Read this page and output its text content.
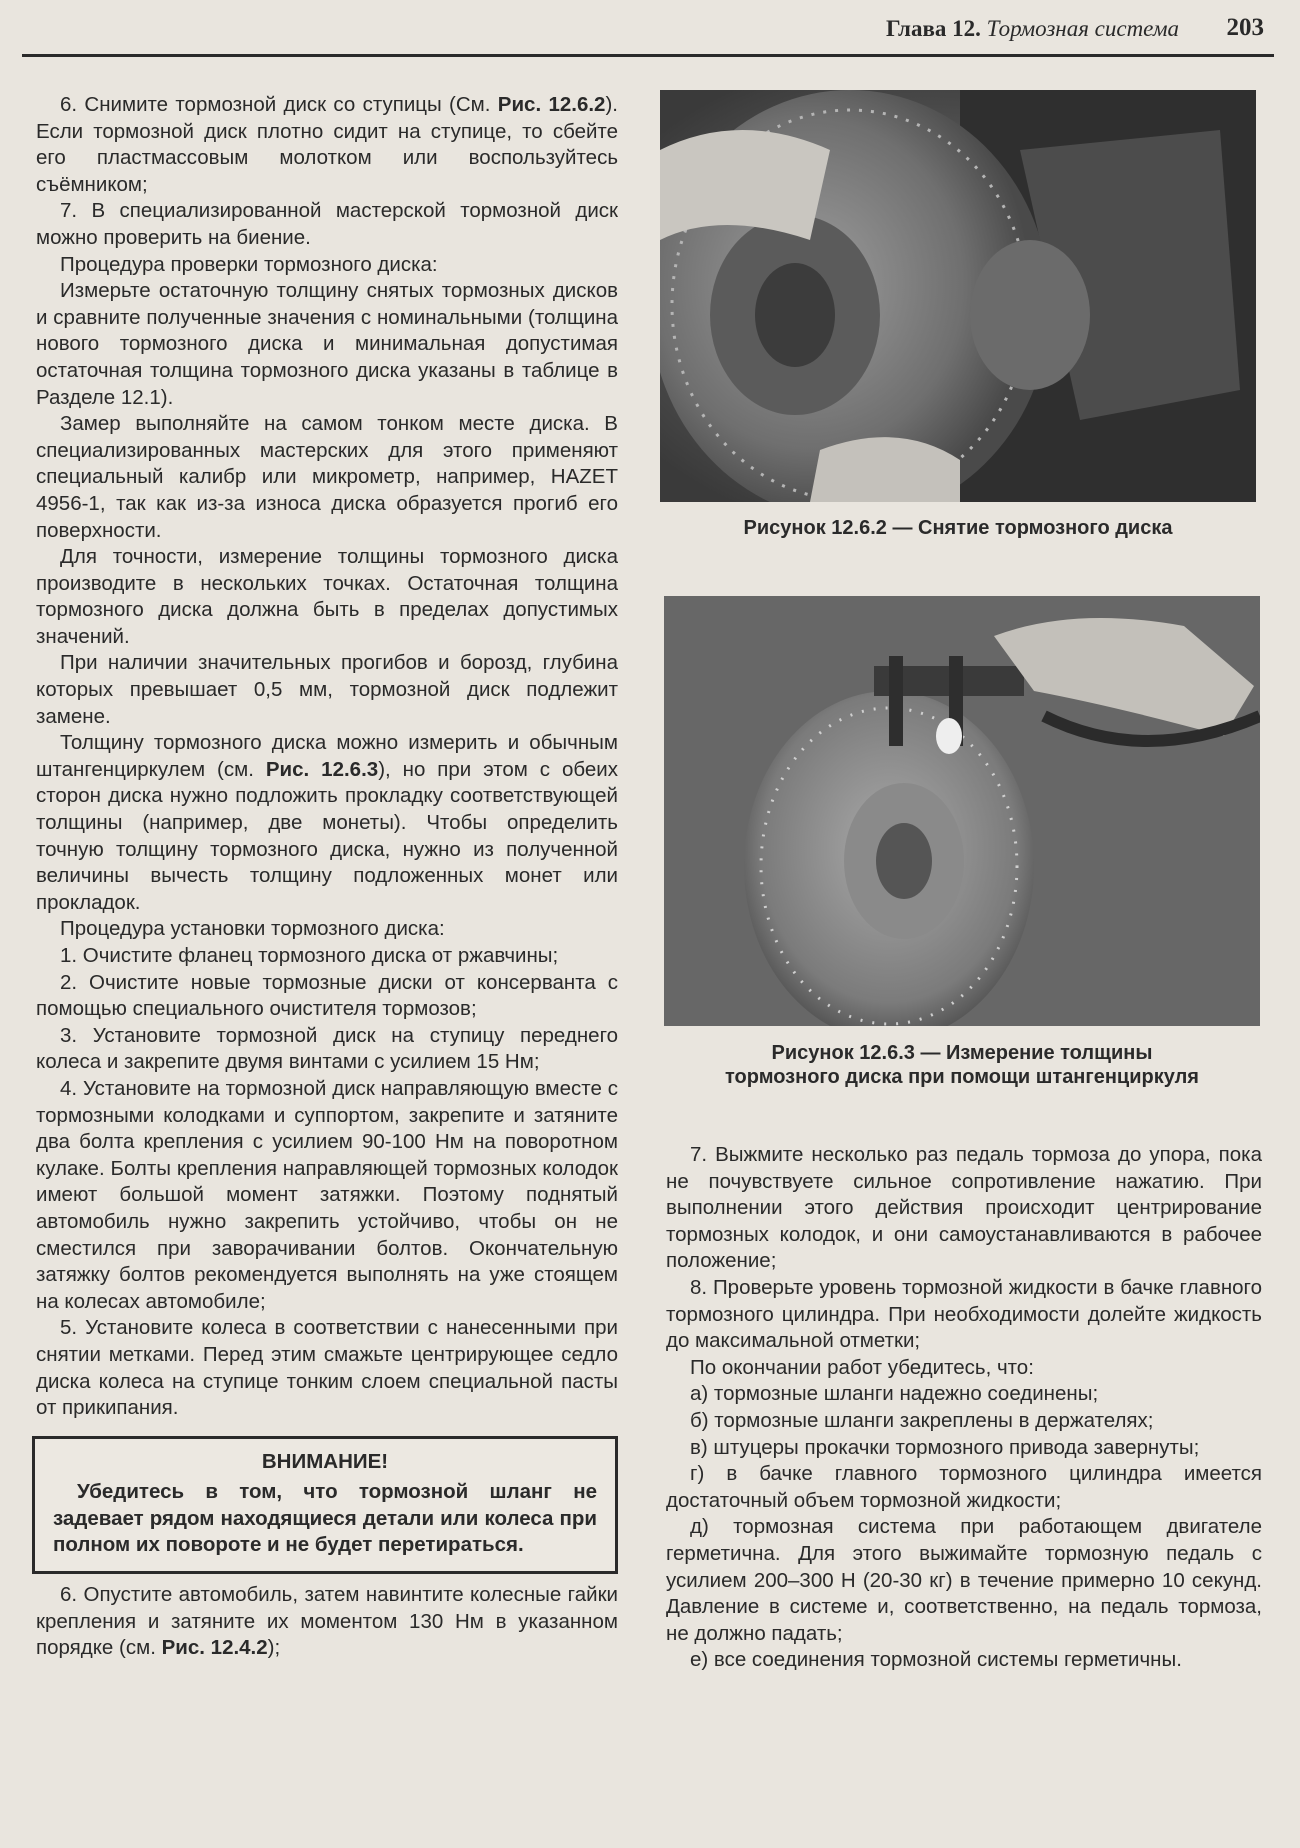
Глава 12. Тормозная система 203

6. Снимите тормозной диск со ступицы (См. Рис. 12.6.2). Если тормозной диск плотно сидит на ступице, то сбейте его пластмассовым молотком или воспользуйтесь съёмником;

7. В специализированной мастерской тормозной диск можно проверить на биение.

Процедура проверки тормозного диска:

Измерьте остаточную толщину снятых тормозных дисков и сравните полученные значения с номинальными (толщина нового тормозного диска и минимальная допустимая остаточная толщина тормозного диска указаны в таблице в Разделе 12.1).

Замер выполняйте на самом тонком месте диска. В специализированных мастерских для этого применяют специальный калибр или микрометр, например, HAZET 4956-1, так как из-за износа диска образуется прогиб его поверхности.

Для точности, измерение толщины тормозного диска производите в нескольких точках. Остаточная толщина тормозного диска должна быть в пределах допустимых значений.

При наличии значительных прогибов и борозд, глубина которых превышает 0,5 мм, тормозной диск подлежит замене.

Толщину тормозного диска можно измерить и обычным штангенциркулем (см. Рис. 12.6.3), но при этом с обеих сторон диска нужно подложить прокладку соответствующей толщины (например, две монеты). Чтобы определить точную толщину тормозного диска, нужно из полученной величины вычесть толщину подложенных монет или прокладок.

Процедура установки тормозного диска:

1. Очистите фланец тормозного диска от ржавчины;

2. Очистите новые тормозные диски от консерванта с помощью специального очистителя тормозов;

3. Установите тормозной диск на ступицу переднего колеса и закрепите двумя винтами с усилием 15 Нм;

4. Установите на тормозной диск направляющую вместе с тормозными колодками и суппортом, закрепите и затяните два болта крепления с усилием 90-100 Нм на поворотном кулаке. Болты крепления направляющей тормозных колодок имеют большой момент затяжки. Поэтому поднятый автомобиль нужно закрепить устойчиво, чтобы он не сместился при заворачивании болтов. Окончательную затяжку болтов рекомендуется выполнять на уже стоящем на колесах автомобиле;

5. Установите колеса в соответствии с нанесенными при снятии метками. Перед этим смажьте центрирующее седло диска колеса на ступице тонким слоем специальной пасты от прикипания.

ВНИМАНИЕ!

Убедитесь в том, что тормозной шланг не задевает рядом находящиеся детали или колеса при полном их повороте и не будет перетираться.

6. Опустите автомобиль, затем навинтите колесные гайки крепления и затяните их моментом 130 Нм в указанном порядке (см. Рис. 12.4.2);

Рисунок 12.6.2 — Снятие тормозного диска
Рисунок 12.6.3 — Измерение толщины
тормозного диска при помощи штангенциркуля

7. Выжмите несколько раз педаль тормоза до упора, пока не почувствуете сильное сопротивление нажатию. При выполнении этого действия происходит центрирование тормозных колодок, и они самоустанавливаются в рабочее положение;

8. Проверьте уровень тормозной жидкости в бачке главного тормозного цилиндра. При необходимости долейте жидкость до максимальной отметки;

По окончании работ убедитесь, что:

а) тормозные шланги надежно соединены;

б) тормозные шланги закреплены в держателях;

в) штуцеры прокачки тормозного привода завернуты;

г) в бачке главного тормозного цилиндра имеется достаточный объем тормозной жидкости;

д) тормозная система при работающем двигателе герметична. Для этого выжимайте тормозную педаль с усилием 200–300 Н (20-30 кг) в течение примерно 10 секунд. Давление в системе и, соответственно, на педаль тормоза, не должно падать;

е) все соединения тормозной системы герметичны.
